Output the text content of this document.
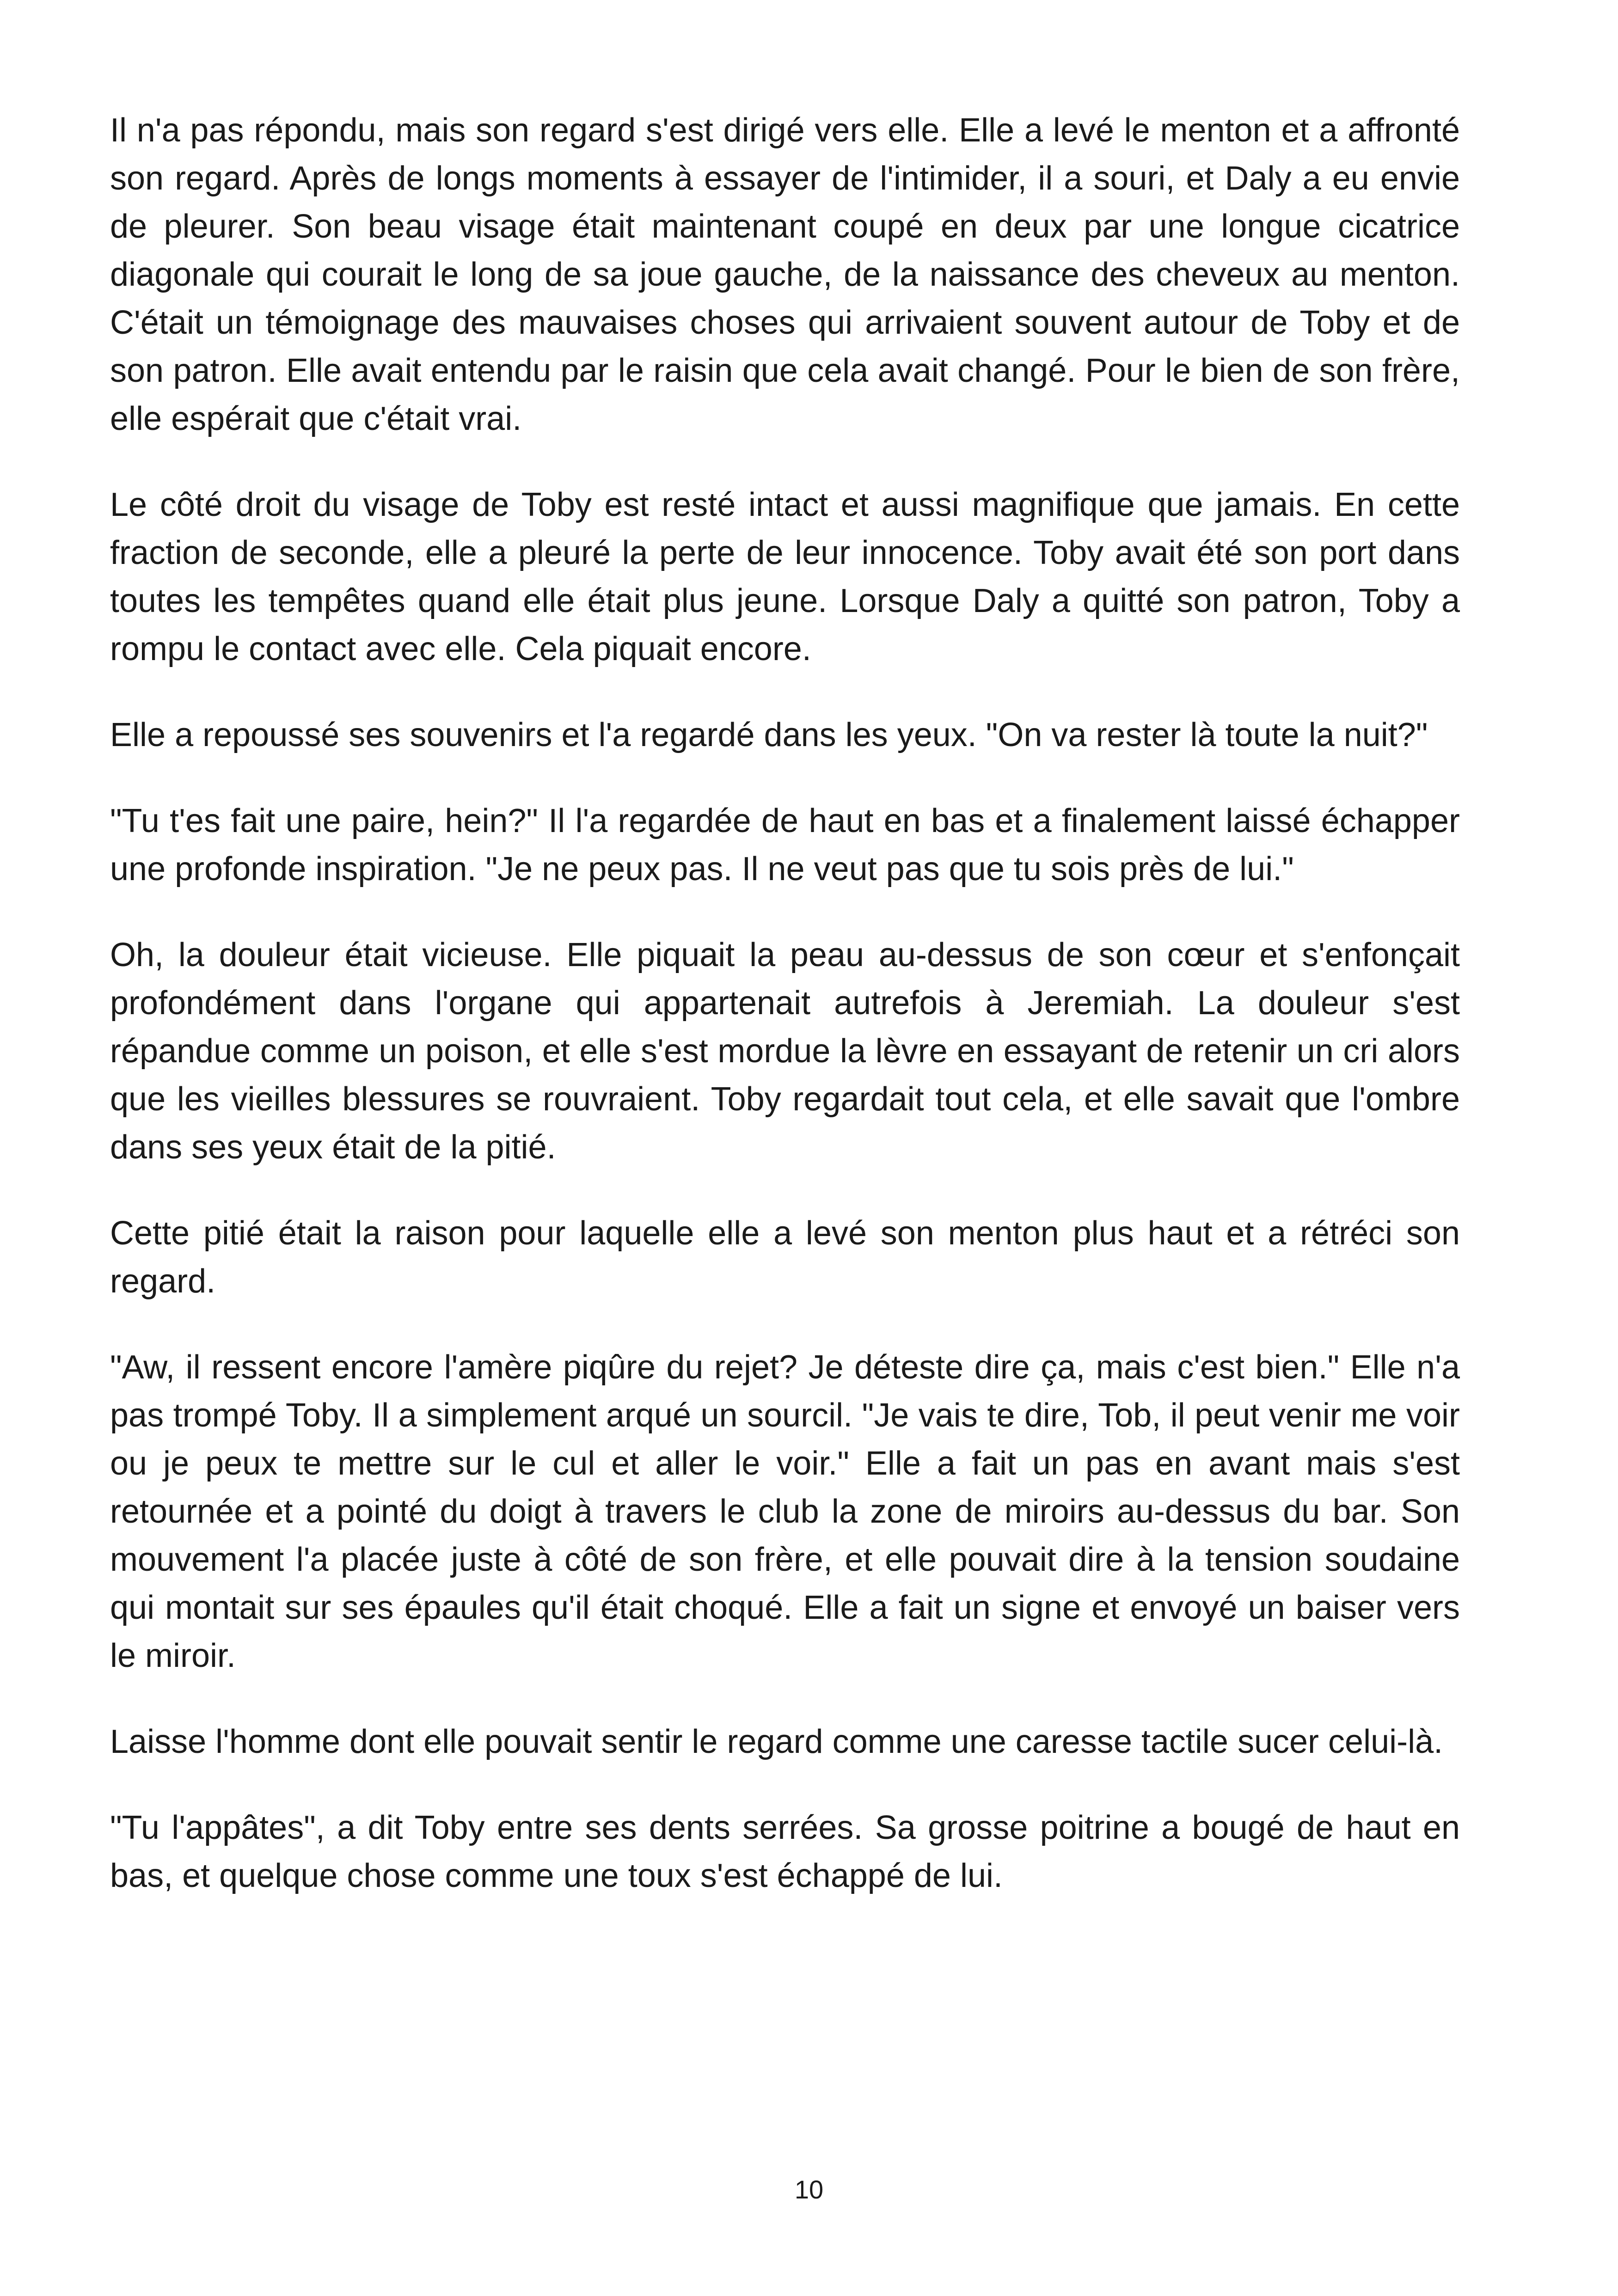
Il n'a pas répondu, mais son regard s'est dirigé vers elle. Elle a levé le menton et a affronté son regard. Après de longs moments à essayer de l'intimider, il a souri, et Daly a eu envie de pleurer. Son beau visage était maintenant coupé en deux par une longue cicatrice diagonale qui courait le long de sa joue gauche, de la naissance des cheveux au menton. C'était un témoignage des mauvaises choses qui arrivaient souvent autour de Toby et de son patron. Elle avait entendu par le raisin que cela avait changé. Pour le bien de son frère, elle espérait que c'était vrai.

Le côté droit du visage de Toby est resté intact et aussi magnifique que jamais. En cette fraction de seconde, elle a pleuré la perte de leur innocence. Toby avait été son port dans toutes les tempêtes quand elle était plus jeune. Lorsque Daly a quitté son patron, Toby a rompu le contact avec elle. Cela piquait encore.

Elle a repoussé ses souvenirs et l'a regardé dans les yeux. "On va rester là toute la nuit?"

"Tu t'es fait une paire, hein?" Il l'a regardée de haut en bas et a finalement laissé échapper une profonde inspiration. "Je ne peux pas. Il ne veut pas que tu sois près de lui."

Oh, la douleur était vicieuse. Elle piquait la peau au-dessus de son cœur et s'enfonçait profondément dans l'organe qui appartenait autrefois à Jeremiah. La douleur s'est répandue comme un poison, et elle s'est mordue la lèvre en essayant de retenir un cri alors que les vieilles blessures se rouvraient. Toby regardait tout cela, et elle savait que l'ombre dans ses yeux était de la pitié.

Cette pitié était la raison pour laquelle elle a levé son menton plus haut et a rétréci son regard.

"Aw, il ressent encore l'amère piqûre du rejet? Je déteste dire ça, mais c'est bien." Elle n'a pas trompé Toby. Il a simplement arqué un sourcil. "Je vais te dire, Tob, il peut venir me voir ou je peux te mettre sur le cul et aller le voir." Elle a fait un pas en avant mais s'est retournée et a pointé du doigt à travers le club la zone de miroirs au-dessus du bar. Son mouvement l'a placée juste à côté de son frère, et elle pouvait dire à la tension soudaine qui montait sur ses épaules qu'il était choqué. Elle a fait un signe et envoyé un baiser vers le miroir.

Laisse l'homme dont elle pouvait sentir le regard comme une caresse tactile sucer celui-là.

"Tu l'appâtes", a dit Toby entre ses dents serrées. Sa grosse poitrine a bougé de haut en bas, et quelque chose comme une toux s'est échappé de lui.

10
